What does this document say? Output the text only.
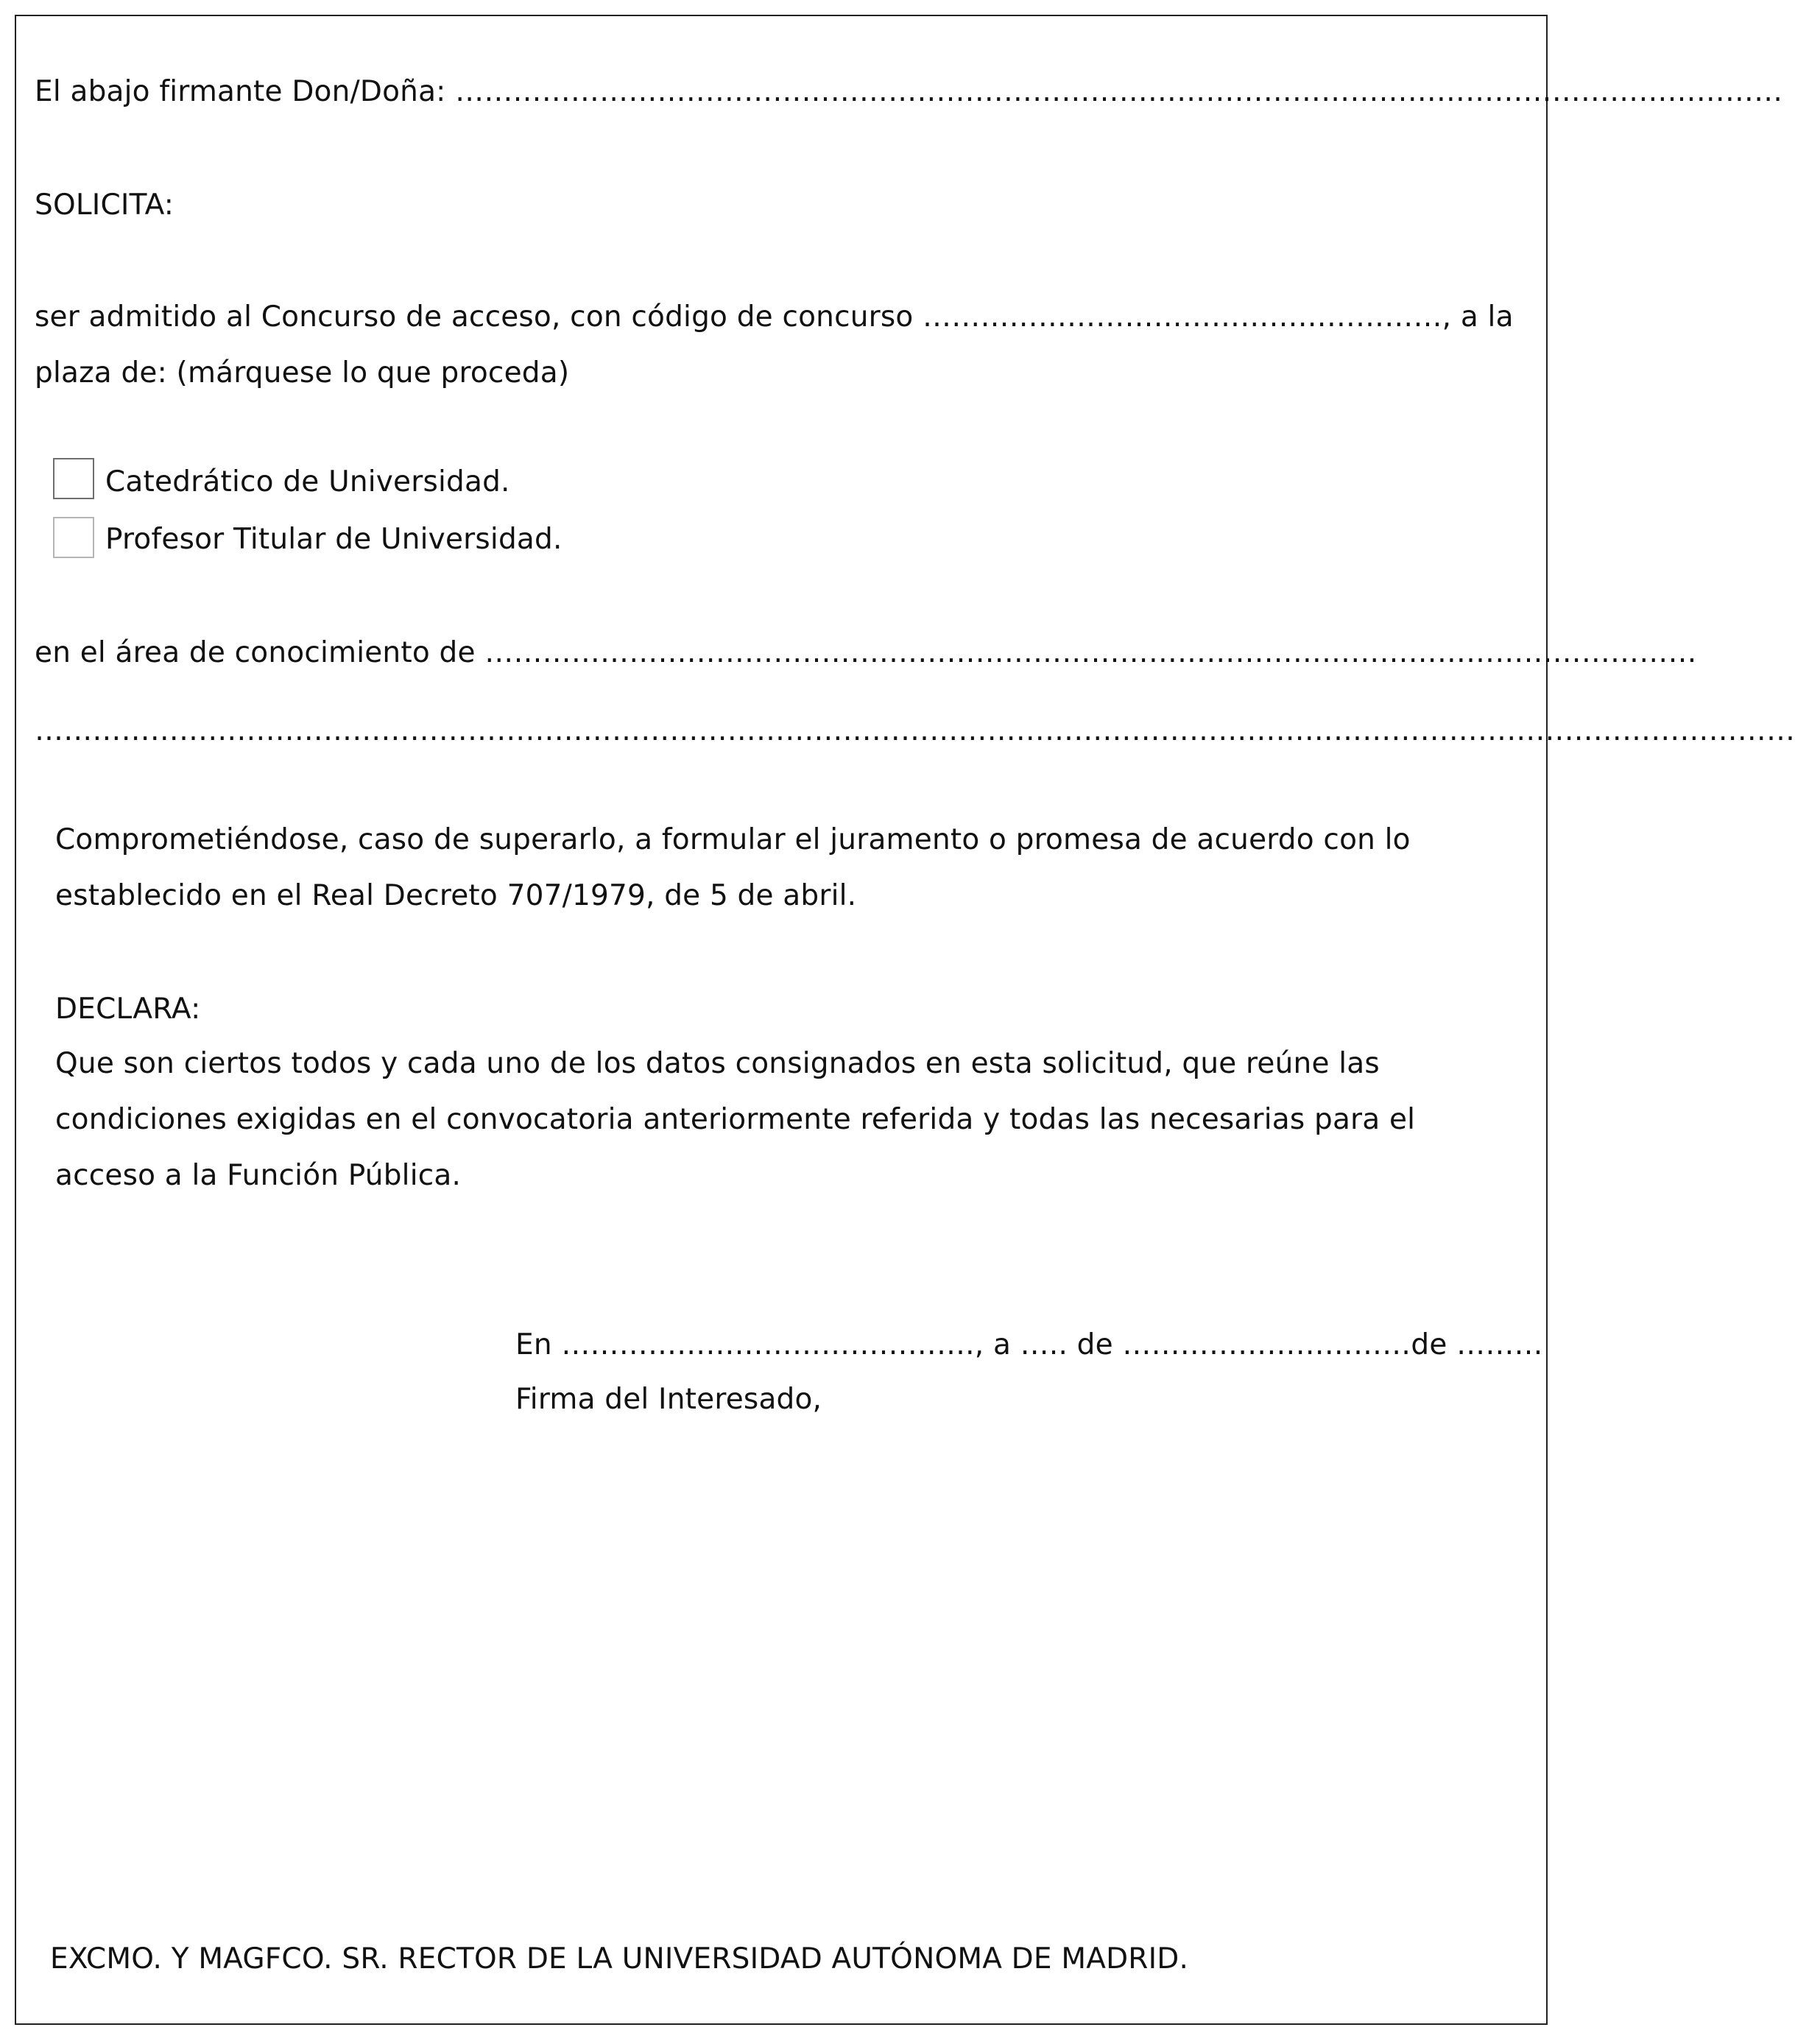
El abajo firmante Don/Doña: …………………………………………………………………………………………………………………………
SOLICITA:
ser admitido al Concurso de acceso, con código de concurso ………………………………………………, a la
plaza de: (márquese lo que proceda)
Catedrático de Universidad.
Profesor Titular de Universidad.
en el área de conocimiento de ………………………………………………………………………………………………………………
…………………………………………………………………………………………………………………………………………………………………
Comprometiéndose, caso de superarlo, a formular el juramento o promesa de acuerdo con lo
establecido en el Real Decreto 707/1979, de 5 de abril.
DECLARA:
Que son ciertos todos y cada uno de los datos consignados en esta solicitud, que reúne las
condiciones exigidas en el convocatoria anteriormente referida y todas las necesarias para el
acceso a la Función Pública.
En ……………………………………., a ….. de …………………………de ………
Firma del Interesado,
EXCMO. Y MAGFCO. SR. RECTOR DE LA UNIVERSIDAD AUTÓNOMA DE MADRID.
